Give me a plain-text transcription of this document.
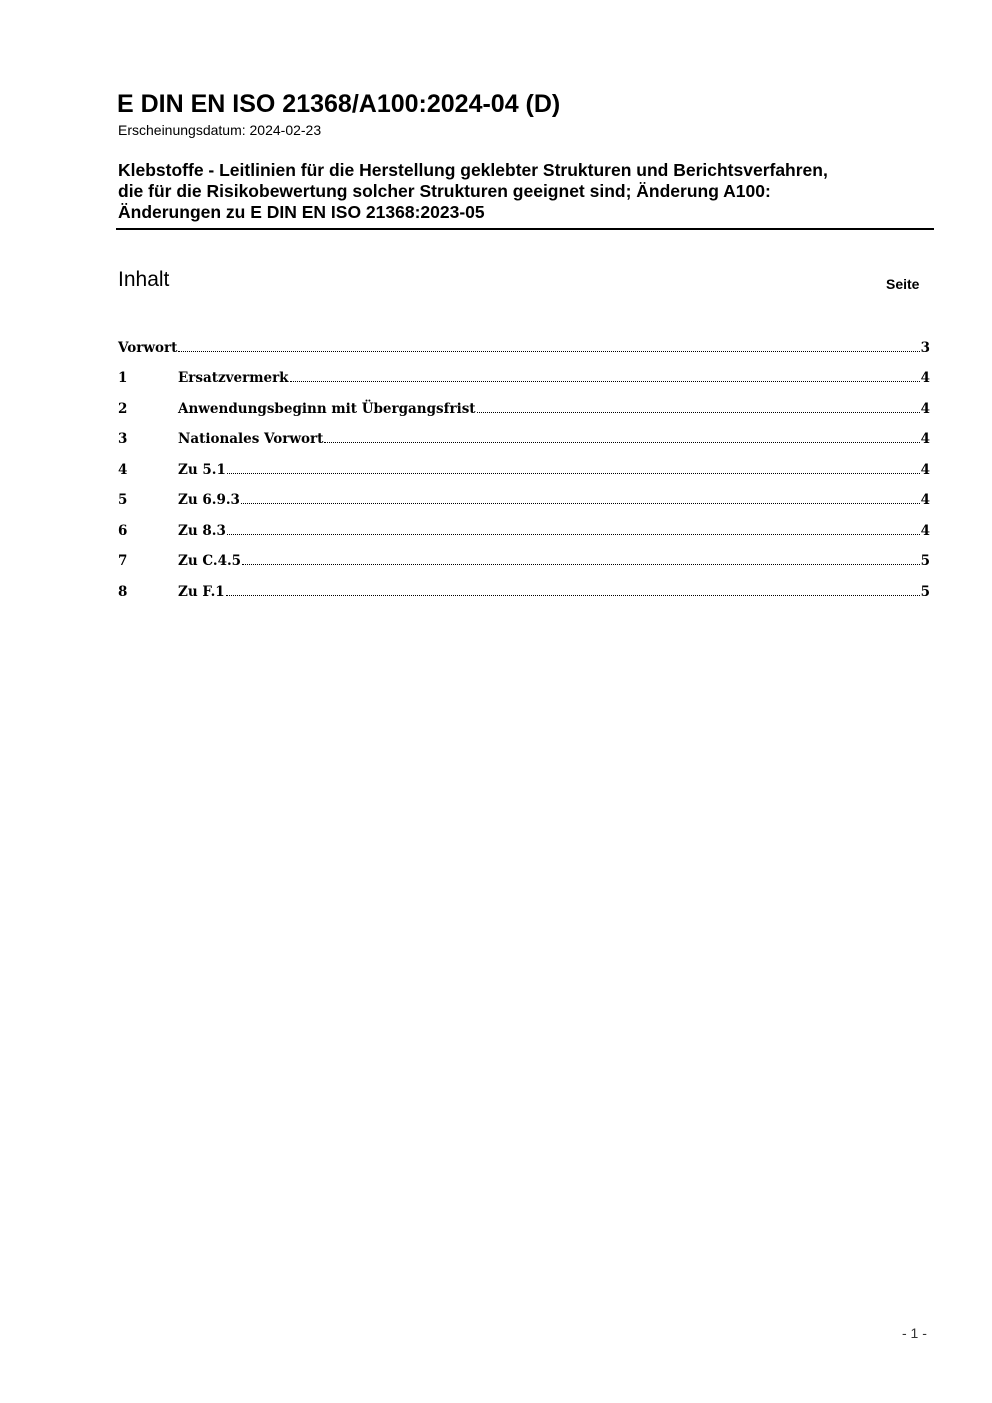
E DIN EN ISO 21368/A100:2024-04 (D)
Erscheinungsdatum: 2024-02-23
Klebstoffe - Leitlinien für die Herstellung geklebter Strukturen und Berichtsverfahren,
die für die Risikobewertung solcher Strukturen geeignet sind; Änderung A100:
Änderungen zu E DIN EN ISO 21368:2023-05
Inhalt	Seite
Vorwort	3
1	Ersatzvermerk	4
2	Anwendungsbeginn mit Übergangsfrist	4
3	Nationales Vorwort	4
4	Zu 5.1	4
5	Zu 6.9.3	4
6	Zu 8.3	4
7	Zu C.4.5	5
8	Zu F.1	5
- 1 -
